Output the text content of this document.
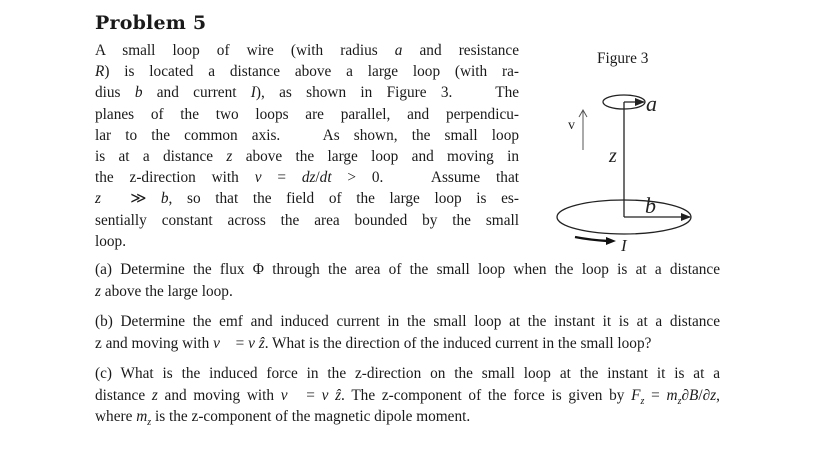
Problem 5
A small loop of wire (with radius a and resistance
R) is located a distance above a large loop (with ra-
dius b and current I), as shown in Figure 3.   The
planes of the two loops are parallel, and perpendicu-
lar to the common axis.   As shown, the small loop
is at a distance z above the large loop and moving in
the z-direction with v = dz/dt > 0.   Assume that
z  ≫ b, so that the field of the large loop is es-
sentially constant across the area bounded by the small
loop.
(a) Determine the flux Φ through the area of the small loop when the loop is at a distance
z above the large loop.
(b) Determine the emf and induced current in the small loop at the instant it is at a distance
z and moving with v⃗ = v ẑ. What is the direction of the induced current in the small loop?
(c) What is the induced force in the z-direction on the small loop at the instant it is at a
distance z and moving with v⃗ = v ẑ. The z-component of the force is given by $F_z = m_z\partial B/\partial z$,
where $m_z$ is the z-component of the magnetic dipole moment.
Figure 3
a
z
v
b
I
